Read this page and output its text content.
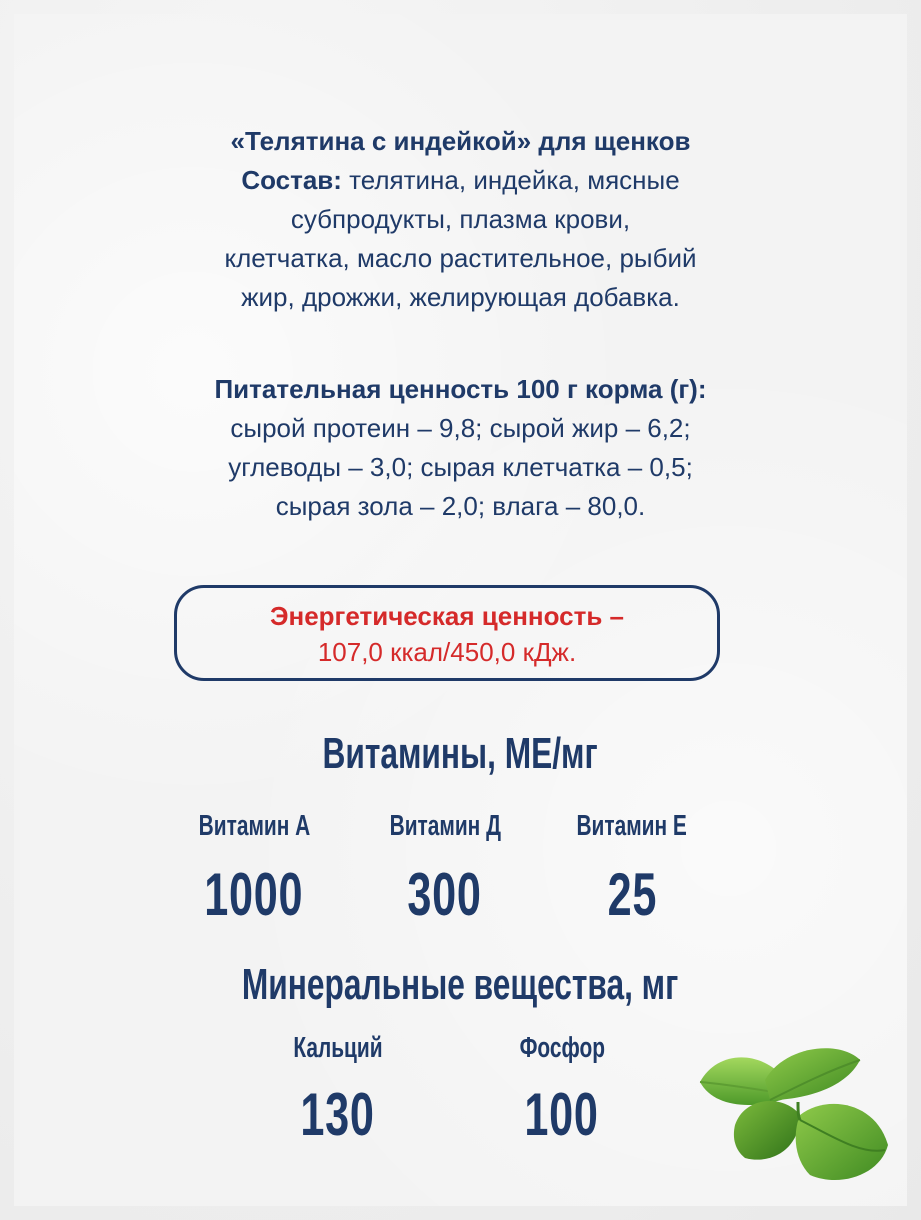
«Телятина с индейкой» для щенков
Состав: телятина, индейка, мясные
субпродукты, плазма крови,
клетчатка, масло растительное, рыбий
жир, дрожжи, желирующая добавка.
Питательная ценность 100 г корма (г):
сырой протеин – 9,8; сырой жир – 6,2;
углеводы – 3,0; сырая клетчатка – 0,5;
сырая зола – 2,0; влага – 80,0.
Энергетическая ценность –
107,0 ккал/450,0 кДж.
Витамины, МЕ/мг
Витамин А
1000
Витамин Д
300
Витамин Е
25
Минеральные вещества, мг
Кальций
130
Фосфор
100
